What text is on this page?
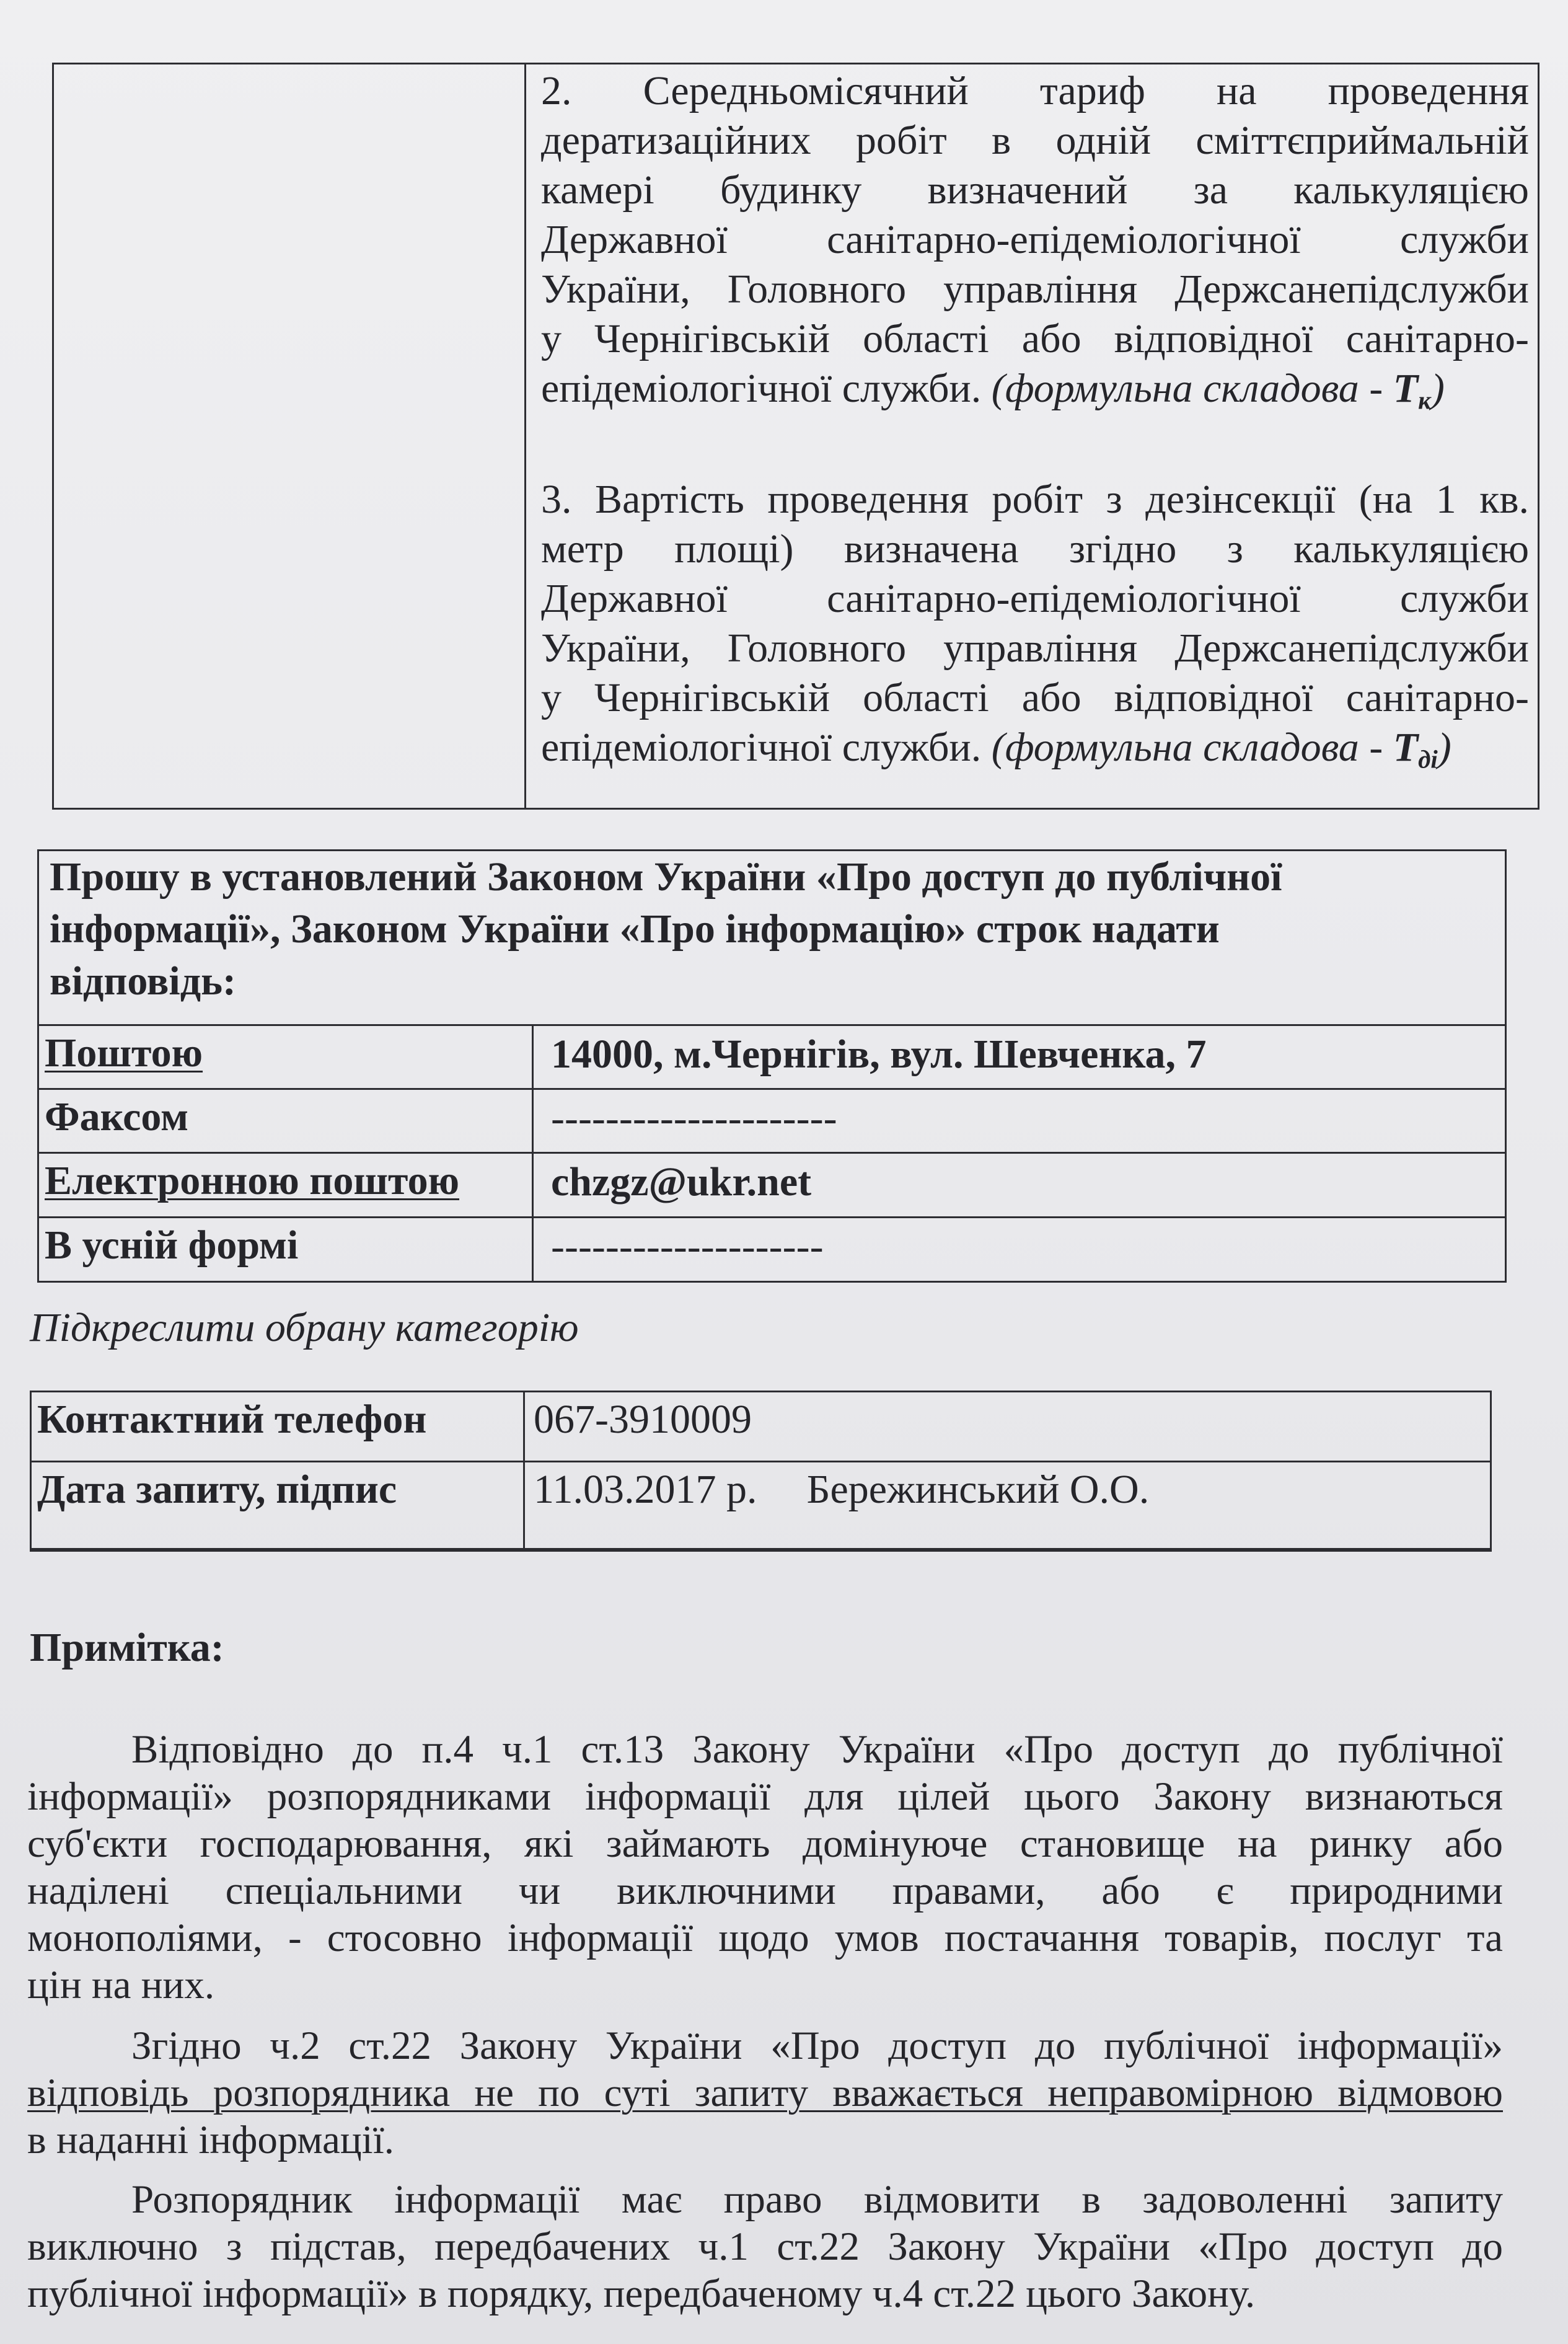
2. Середньомісячний тариф на проведення
дератизаційних робіт в одній сміттєприймальній
камері будинку визначений за калькуляцією
Державної санітарно-епідеміологічної служби
України, Головного управління Держсанепідслужби
у Чернігівській області або відповідної санітарно-
епідеміологічної служби. (формульна складова - Тк)
3. Вартість проведення робіт з дезінсекції (на 1 кв.
метр площі) визначена згідно з калькуляцією
Державної санітарно-епідеміологічної служби
України, Головного управління Держсанепідслужби
у Чернігівській області або відповідної санітарно-
епідеміологічної служби. (формульна складова - Тді)
Прошу в установлений Законом України «Про доступ до публічної
інформації», Законом України «Про інформацію» строк надати
відповідь:
Поштою	14000, м.Чернігів, вул. Шевченка, 7
Факсом	---------------------
Електронною поштою	chzgz@ukr.net
В усній формі	--------------------
Підкреслити обрану категорію
Контактний телефон	067-3910009
Дата запиту, підпис	11.03.2017 р. Бережинський О.О.
Примітка:
Відповідно до п.4 ч.1 ст.13 Закону України «Про доступ до публічної
інформації» розпорядниками інформації для цілей цього Закону визнаються
суб'єкти господарювання, які займають домінуюче становище на ринку або
наділені спеціальними чи виключними правами, або є природними
монополіями, - стосовно інформації щодо умов постачання товарів, послуг та
цін на них.
Згідно ч.2 ст.22 Закону України «Про доступ до публічної інформації»
відповідь розпорядника не по суті запиту вважається неправомірною відмовою
в наданні інформації.
Розпорядник інформації має право відмовити в задоволенні запиту
виключно з підстав, передбачених ч.1 ст.22 Закону України «Про доступ до
публічної інформації» в порядку, передбаченому ч.4 ст.22 цього Закону.
